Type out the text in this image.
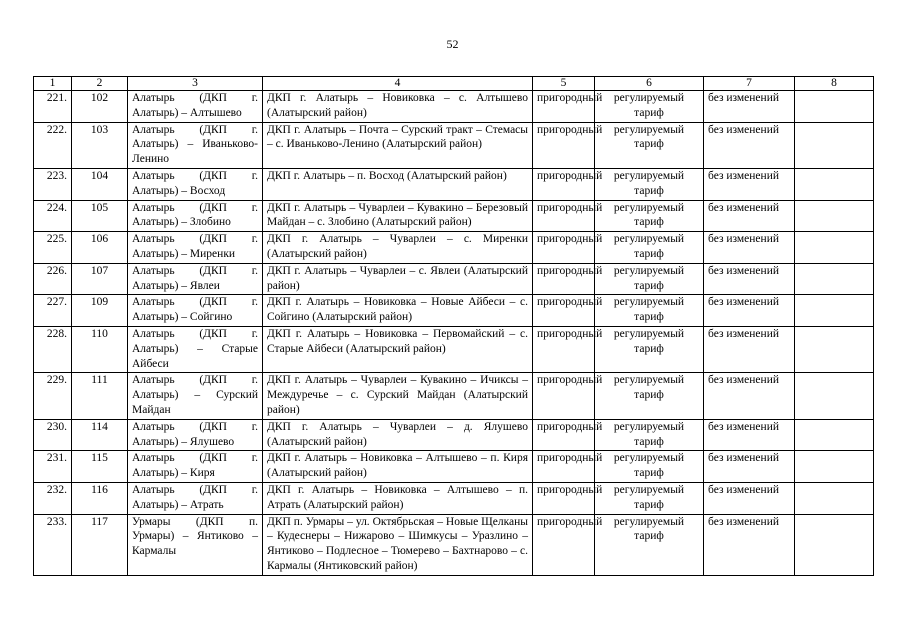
52
1	2	3	4	5	6	7	8
221.	102	Алатырь (ДКП г. Алатырь) – Алтышево	ДКП г. Алатырь – Новиковка – с. Алтышево (Алатырский район)	пригородный	регулируемый тариф	без изменений	
222.	103	Алатырь (ДКП г. Алатырь) – Иваньково-Ленино	ДКП г. Алатырь – Почта – Сурский тракт – Стемасы – с. Иваньково-Ленино (Алатырский район)	пригородный	регулируемый тариф	без изменений	
223.	104	Алатырь (ДКП г. Алатырь) – Восход	ДКП г. Алатырь – п. Восход (Алатырский район)	пригородный	регулируемый тариф	без изменений	
224.	105	Алатырь (ДКП г. Алатырь) – Злобино	ДКП г. Алатырь – Чуварлеи – Кувакино – Березовый Майдан – с. Злобино (Алатырский район)	пригородный	регулируемый тариф	без изменений	
225.	106	Алатырь (ДКП г. Алатырь) – Миренки	ДКП г. Алатырь – Чуварлеи – с. Миренки (Алатырский район)	пригородный	регулируемый тариф	без изменений	
226.	107	Алатырь (ДКП г. Алатырь) – Явлеи	ДКП г. Алатырь – Чуварлеи – с. Явлеи (Алатырский район)	пригородный	регулируемый тариф	без изменений	
227.	109	Алатырь (ДКП г. Алатырь) – Сойгино	ДКП г. Алатырь – Новиковка – Новые Айбеси – с. Сойгино (Алатырский район)	пригородный	регулируемый тариф	без изменений	
228.	110	Алатырь (ДКП г. Алатырь) – Старые Айбеси	ДКП г. Алатырь – Новиковка – Первомайский – с. Старые Айбеси (Алатырский район)	пригородный	регулируемый тариф	без изменений	
229.	111	Алатырь (ДКП г. Алатырь) – Сурский Майдан	ДКП г. Алатырь – Чуварлеи – Кувакино – Ичиксы – Междуречье – с. Сурский Майдан (Алатырский район)	пригородный	регулируемый тариф	без изменений	
230.	114	Алатырь (ДКП г. Алатырь) – Ялушево	ДКП г. Алатырь – Чуварлеи – д. Ялушево (Алатырский район)	пригородный	регулируемый тариф	без изменений	
231.	115	Алатырь (ДКП г. Алатырь) – Киря	ДКП г. Алатырь – Новиковка – Алтышево – п. Киря (Алатырский район)	пригородный	регулируемый тариф	без изменений	
232.	116	Алатырь (ДКП г. Алатырь) – Атрать	ДКП г. Алатырь – Новиковка – Алтышево – п. Атрать (Алатырский район)	пригородный	регулируемый тариф	без изменений	
233.	117	Урмары (ДКП п. Урмары) – Янтиково – Кармалы	ДКП п. Урмары – ул. Октябрьская – Новые Щелканы – Кудеснеры – Нижарово – Шимкусы – Уразлино – Янтиково – Подлесное – Тюмерево – Бахтнарово – с. Кармалы (Янтиковский район)	пригородный	регулируемый тариф	без изменений	
